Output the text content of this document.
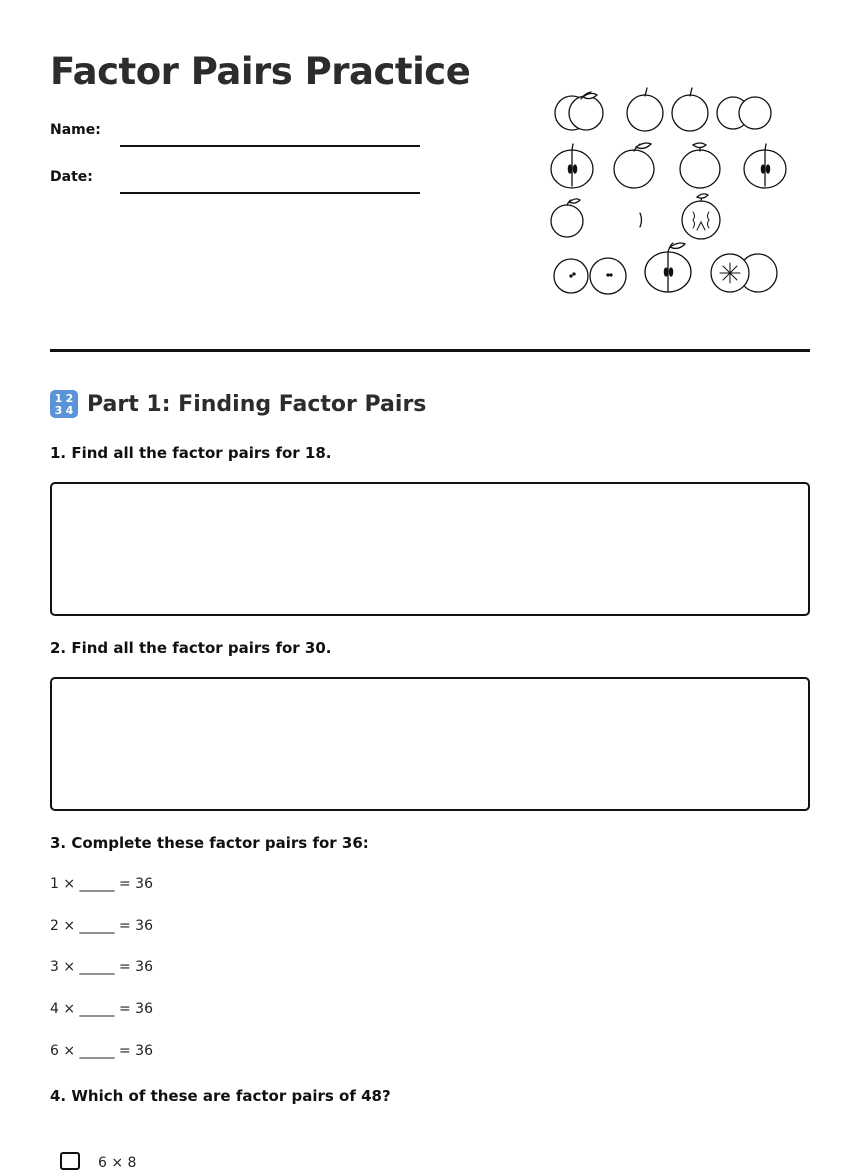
Factor Pairs Practice
Name:
Date:
1 2
3 4 Part 1: Finding Factor Pairs
1. Find all the factor pairs for 18.
2. Find all the factor pairs for 30.
3. Complete these factor pairs for 36:
1 × _____ = 36
2 × _____ = 36
3 × _____ = 36
4 × _____ = 36
6 × _____ = 36
4. Which of these are factor pairs of 48?
6 × 8
